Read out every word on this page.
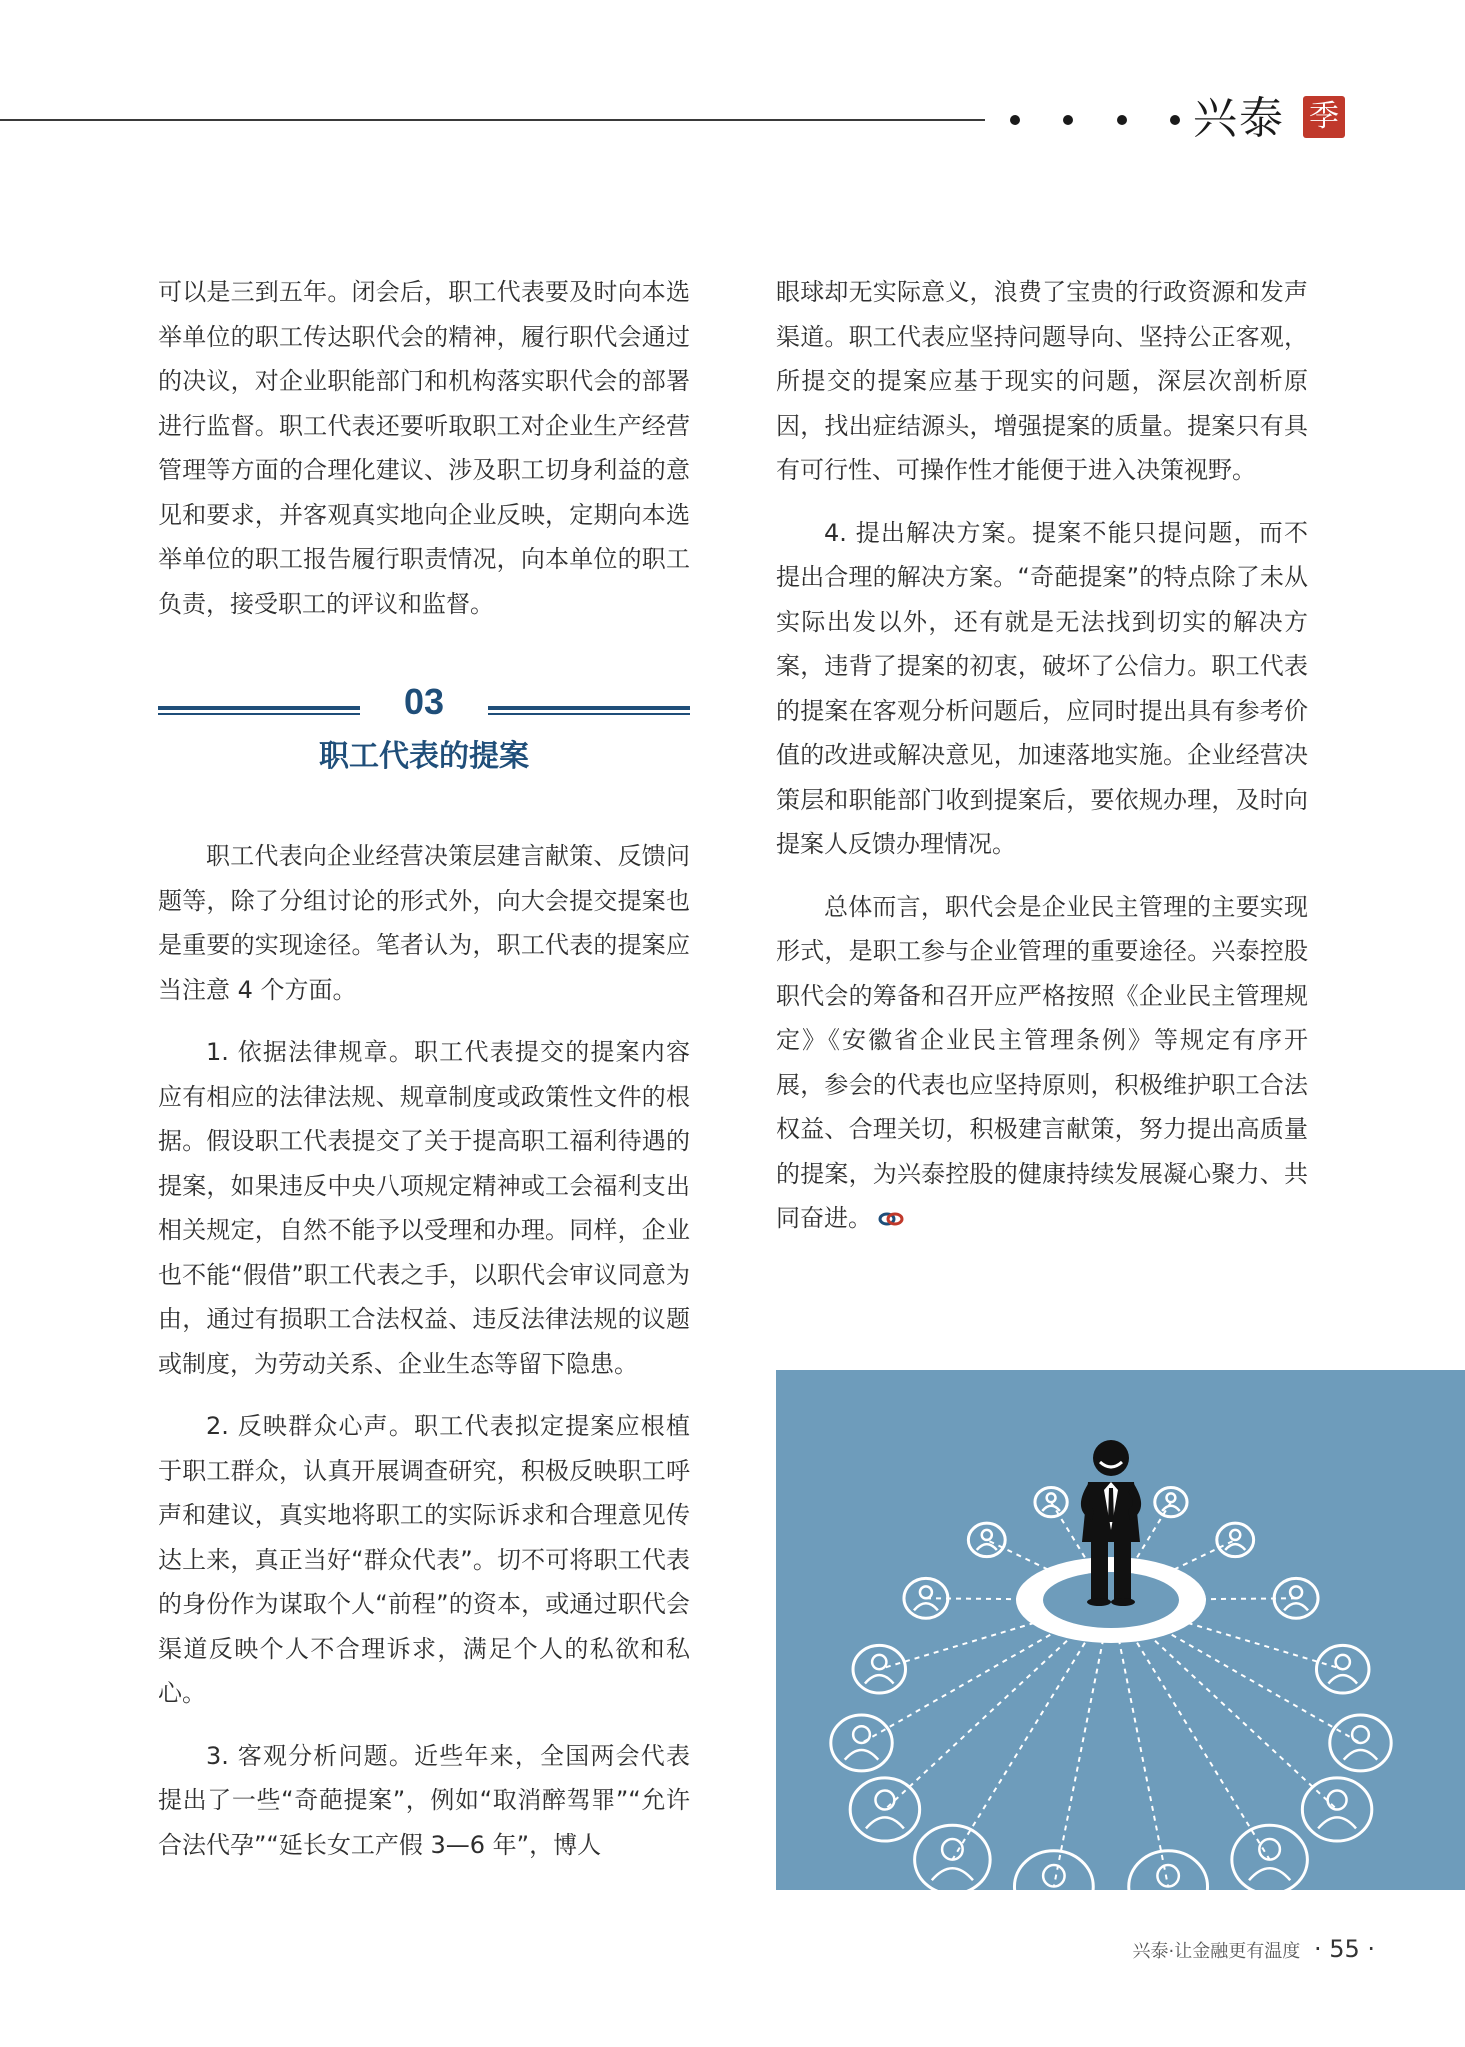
兴泰 季

可以是三到五年。闭会后，职工代表要及时向本选举单位的职工传达职代会的精神，履行职代会通过的决议，对企业职能部门和机构落实职代会的部署进行监督。职工代表还要听取职工对企业生产经营管理等方面的合理化建议、涉及职工切身利益的意见和要求，并客观真实地向企业反映，定期向本选举单位的职工报告履行职责情况，向本单位的职工负责，接受职工的评议和监督。

03
职工代表的提案

职工代表向企业经营决策层建言献策、反馈问题等，除了分组讨论的形式外，向大会提交提案也是重要的实现途径。笔者认为，职工代表的提案应当注意 4 个方面。

1. 依据法律规章。职工代表提交的提案内容应有相应的法律法规、规章制度或政策性文件的根据。假设职工代表提交了关于提高职工福利待遇的提案，如果违反中央八项规定精神或工会福利支出相关规定，自然不能予以受理和办理。同样，企业也不能“假借”职工代表之手，以职代会审议同意为由，通过有损职工合法权益、违反法律法规的议题或制度，为劳动关系、企业生态等留下隐患。

2. 反映群众心声。职工代表拟定提案应根植于职工群众，认真开展调查研究，积极反映职工呼声和建议，真实地将职工的实际诉求和合理意见传达上来，真正当好“群众代表”。切不可将职工代表的身份作为谋取个人“前程”的资本，或通过职代会渠道反映个人不合理诉求，满足个人的私欲和私心。

3. 客观分析问题。近些年来，全国两会代表提出了一些“奇葩提案”，例如“取消醉驾罪”“允许合法代孕”“延长女工产假 3—6 年”，博人

眼球却无实际意义，浪费了宝贵的行政资源和发声渠道。职工代表应坚持问题导向、坚持公正客观，所提交的提案应基于现实的问题，深层次剖析原因，找出症结源头，增强提案的质量。提案只有具有可行性、可操作性才能便于进入决策视野。

4. 提出解决方案。提案不能只提问题，而不提出合理的解决方案。“奇葩提案”的特点除了未从实际出发以外，还有就是无法找到切实的解决方案，违背了提案的初衷，破坏了公信力。职工代表的提案在客观分析问题后，应同时提出具有参考价值的改进或解决意见，加速落地实施。企业经营决策层和职能部门收到提案后，要依规办理，及时向提案人反馈办理情况。

总体而言，职代会是企业民主管理的主要实现形式，是职工参与企业管理的重要途径。兴泰控股职代会的筹备和召开应严格按照《企业民主管理规定》《安徽省企业民主管理条例》等规定有序开展，参会的代表也应坚持原则，积极维护职工合法权益、合理关切，积极建言献策，努力提出高质量的提案，为兴泰控股的健康持续发展凝心聚力、共同奋进。

兴泰·让金融更有温度 · 55 ·
